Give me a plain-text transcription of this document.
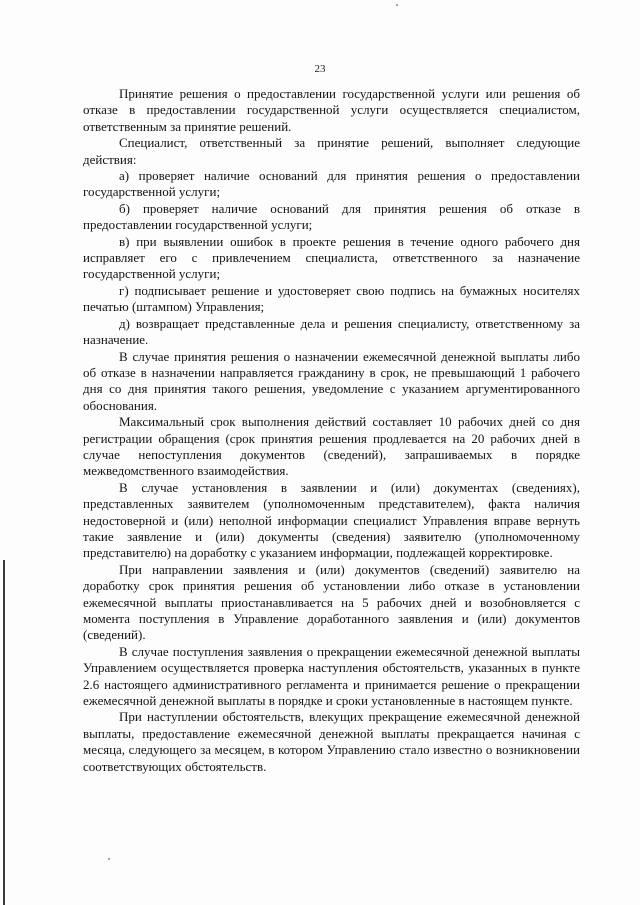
23

Принятие решения о предоставлении государственной услуги или решения об отказе в предоставлении государственной услуги осуществляется специалистом, ответственным за принятие решений.

Специалист, ответственный за принятие решений, выполняет следующие действия:

а) проверяет наличие оснований для принятия решения о предоставлении государственной услуги;

б) проверяет наличие оснований для принятия решения об отказе в предоставлении государственной услуги;

в) при выявлении ошибок в проекте решения в течение одного рабочего дня исправляет его с привлечением специалиста, ответственного за назначение государственной услуги;

г) подписывает решение и удостоверяет свою подпись на бумажных носителях печатью (штампом) Управления;

д) возвращает представленные дела и решения специалисту, ответственному за назначение.

В случае принятия решения о назначении ежемесячной денежной выплаты либо об отказе в назначении направляется гражданину в срок, не превышающий 1 рабочего дня со дня принятия такого решения, уведомление с указанием аргументированного обоснования.

Максимальный срок выполнения действий составляет 10 рабочих дней со дня регистрации обращения (срок принятия решения продлевается на 20 рабочих дней в случае непоступления документов (сведений), запрашиваемых в порядке межведомственного взаимодействия.

В случае установления в заявлении и (или) документах (сведениях), представленных заявителем (уполномоченным представителем), факта наличия недостоверной и (или) неполной информации специалист Управления вправе вернуть такие заявление и (или) документы (сведения) заявителю (уполномоченному представителю) на доработку с указанием информации, подлежащей корректировке.

При направлении заявления и (или) документов (сведений) заявителю на доработку срок принятия решения об установлении либо отказе в установлении ежемесячной выплаты приостанавливается на 5 рабочих дней и возобновляется с момента поступления в Управление доработанного заявления и (или) документов (сведений).

В случае поступления заявления о прекращении ежемесячной денежной выплаты Управлением осуществляется проверка наступления обстоятельств, указанных в пункте 2.6 настоящего административного регламента и принимается решение о прекращении ежемесячной денежной выплаты в порядке и сроки установленные в настоящем пункте.

При наступлении обстоятельств, влекущих прекращение ежемесячной денежной выплаты, предоставление ежемесячной денежной выплаты прекращается начиная с месяца, следующего за месяцем, в котором Управлению стало известно о возникновении соответствующих обстоятельств.
